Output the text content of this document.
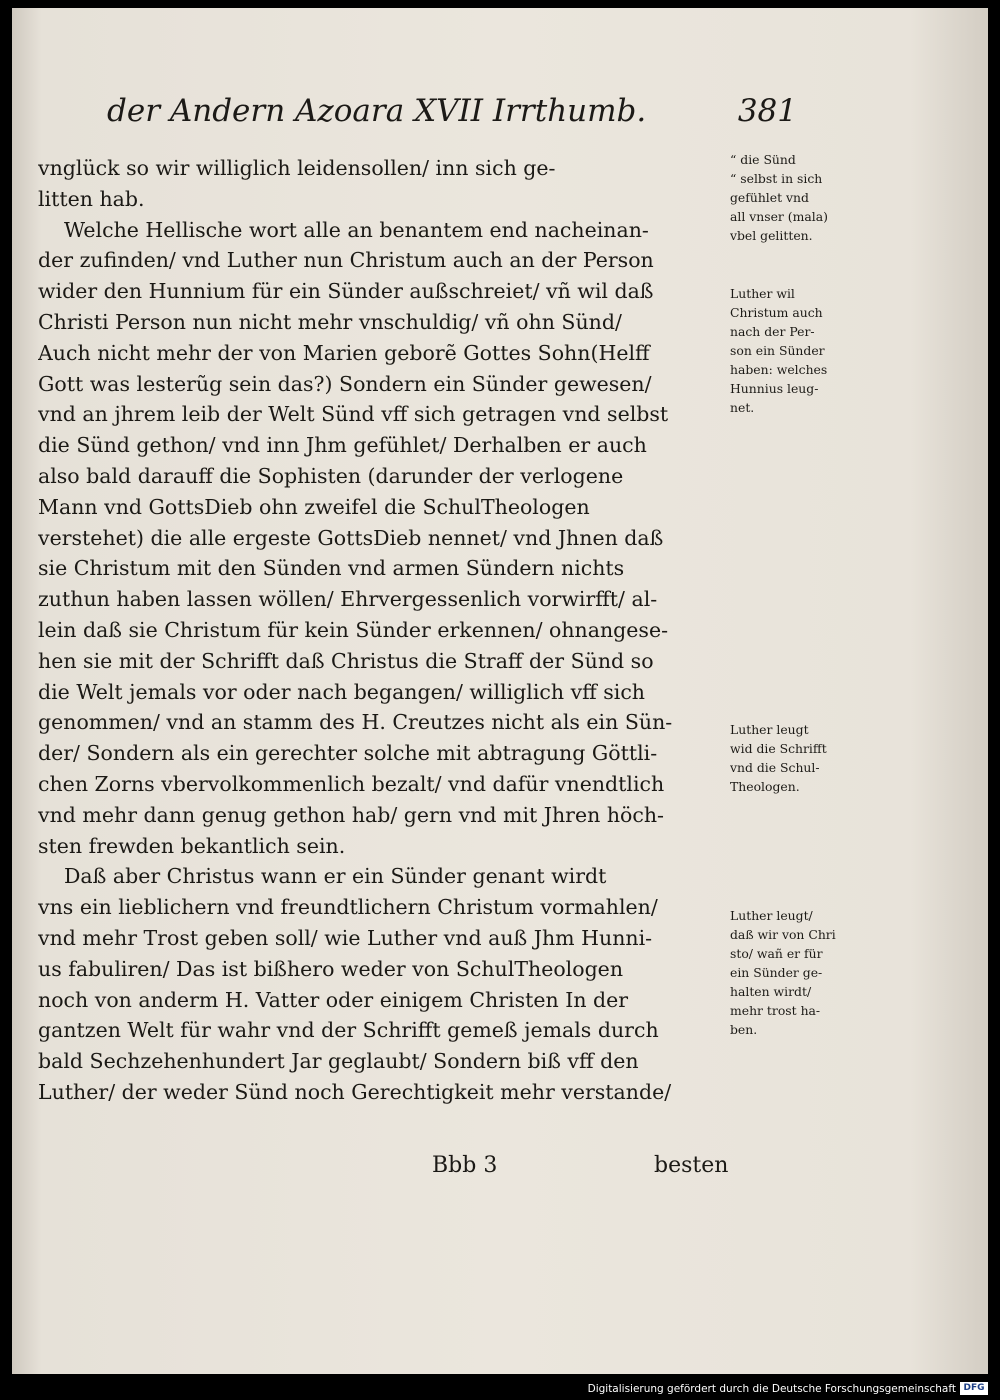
der Andern Azoara XVII Irrthumb.	381
vnglück so wir williglich leidensollen/ inn sich ge-
litten hab.
Welche Hellische wort alle an benantem end nacheinan-
der zufinden/ vnd Luther nun Christum auch an der Person
wider den Hunnium für ein Sünder außschreiet/ vñ wil daß
Christi Person nun nicht mehr vnschuldig/ vñ ohn Sünd/
Auch nicht mehr der von Marien geborẽ Gottes Sohn(Helff
Gott was lesterũg sein das?) Sondern ein Sünder gewesen/
vnd an jhrem leib der Welt Sünd vff sich getragen vnd selbst
die Sünd gethon/ vnd inn Jhm gefühlet/ Derhalben er auch
also bald darauff die Sophisten (darunder der verlogene
Mann vnd GottsDieb ohn zweifel die SchulTheologen
verstehet) die alle ergeste GottsDieb nennet/ vnd Jhnen daß
sie Christum mit den Sünden vnd armen Sündern nichts
zuthun haben lassen wöllen/ Ehrvergessenlich vorwirfft/ al-
lein daß sie Christum für kein Sünder erkennen/ ohnangese-
hen sie mit der Schrifft daß Christus die Straff der Sünd so
die Welt jemals vor oder nach begangen/ williglich vff sich
genommen/ vnd an stamm des H. Creutzes nicht als ein Sün-
der/ Sondern als ein gerechter solche mit abtragung Göttli-
chen Zorns vbervolkommenlich bezalt/ vnd dafür vnendtlich
vnd mehr dann genug gethon hab/ gern vnd mit Jhren höch-
sten frewden bekantlich sein.
Daß aber Christus wann er ein Sünder genant wirdt
vns ein lieblichern vnd freundtlichern Christum vormahlen/
vnd mehr Trost geben soll/ wie Luther vnd auß Jhm Hunni-
us fabuliren/ Das ist bißhero weder von SchulTheologen
noch von anderm H. Vatter oder einigem Christen In der
gantzen Welt für wahr vnd der Schrifft gemeß jemals durch
bald Sechzehenhundert Jar geglaubt/ Sondern biß vff den
Luther/ der weder Sünd noch Gerechtigkeit mehr verstande/
“ die Sünd
“ selbst in sich
gefühlet vnd
all vnser (mala)
vbel gelitten.
Luther wil
Christum auch
nach der Per-
son ein Sünder
haben: welches
Hunnius leug-
net.
Luther leugt
wid die Schrifft
vnd die Schul-
Theologen.
Luther leugt/
daß wir von Chri
sto/ wañ er für
ein Sünder ge-
halten wirdt/
mehr trost ha-
ben.
Bbb 3	besten
Digitalisierung gefördert durch die Deutsche Forschungsgemeinschaft DFG
